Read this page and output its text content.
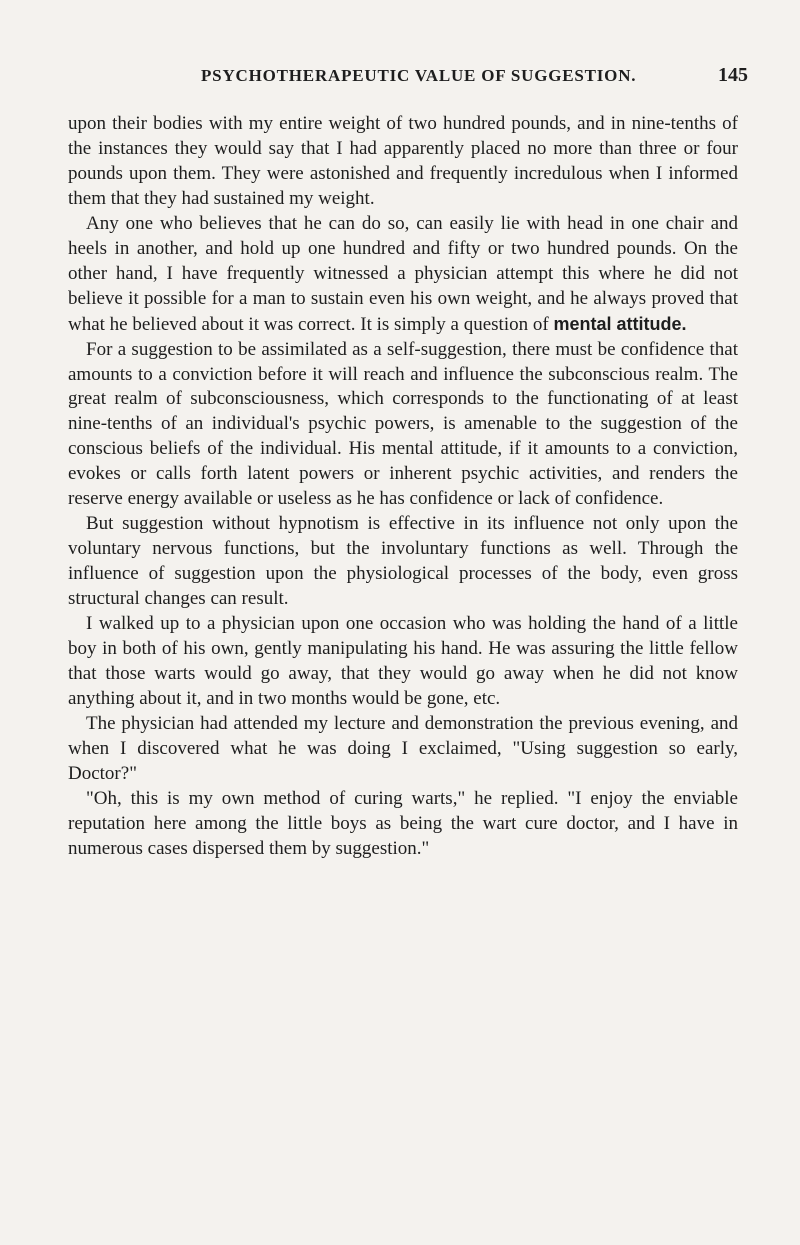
PSYCHOTHERAPEUTIC VALUE OF SUGGESTION.	145

upon their bodies with my entire weight of two hundred pounds, and in nine-tenths of the instances they would say that I had apparently placed no more than three or four pounds upon them. They were astonished and frequently incredulous when I informed them that they had sustained my weight.

Any one who believes that he can do so, can easily lie with head in one chair and heels in another, and hold up one hundred and fifty or two hundred pounds. On the other hand, I have frequently witnessed a physician attempt this where he did not believe it possible for a man to sustain even his own weight, and he always proved that what he believed about it was correct. It is simply a question of mental attitude.

For a suggestion to be assimilated as a self-suggestion, there must be confidence that amounts to a conviction before it will reach and influence the subconscious realm. The great realm of subconsciousness, which corresponds to the functionating of at least nine-tenths of an individual's psychic powers, is amenable to the suggestion of the conscious beliefs of the individual. His mental attitude, if it amounts to a conviction, evokes or calls forth latent powers or inherent psychic activities, and renders the reserve energy available or useless as he has confidence or lack of confidence.

But suggestion without hypnotism is effective in its influence not only upon the voluntary nervous functions, but the involuntary functions as well. Through the influence of suggestion upon the physiological processes of the body, even gross structural changes can result.

I walked up to a physician upon one occasion who was holding the hand of a little boy in both of his own, gently manipulating his hand. He was assuring the little fellow that those warts would go away, that they would go away when he did not know anything about it, and in two months would be gone, etc.

The physician had attended my lecture and demonstration the previous evening, and when I discovered what he was doing I exclaimed, "Using suggestion so early, Doctor?"

"Oh, this is my own method of curing warts," he replied. "I enjoy the enviable reputation here among the little boys as being the wart cure doctor, and I have in numerous cases dispersed them by suggestion."
